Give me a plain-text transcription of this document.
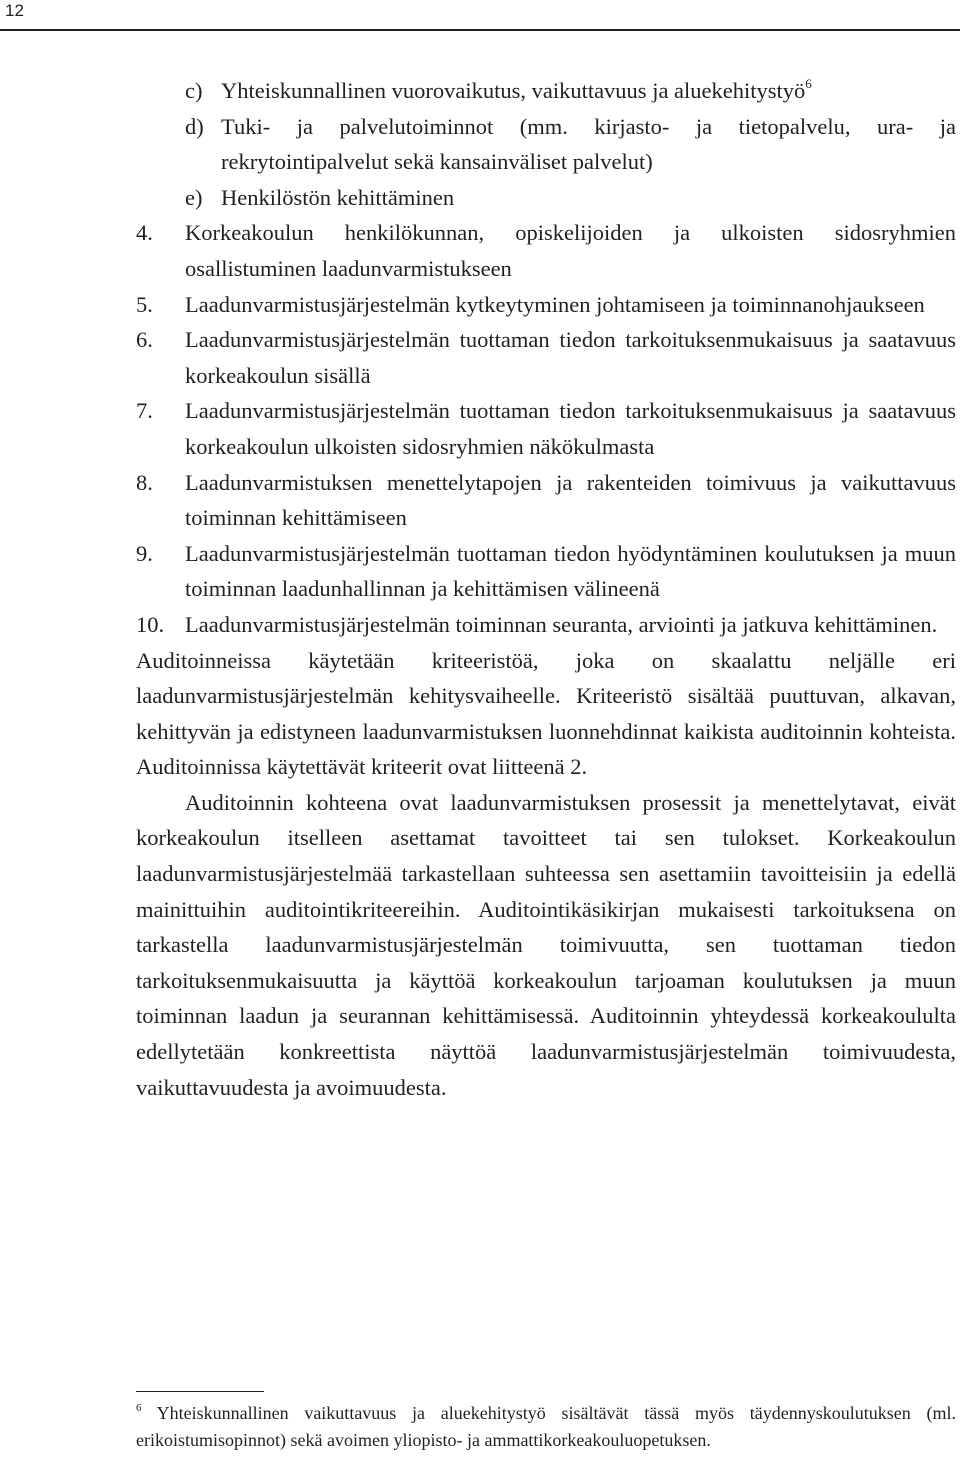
12
c) Yhteiskunnallinen vuorovaikutus, vaikuttavuus ja aluekehitystyö$^6$
d) Tuki- ja palvelutoiminnot (mm. kirjasto- ja tietopalvelu, ura- ja rekrytointipalvelut sekä kansainväliset palvelut)
e) Henkilöstön kehittäminen
4. Korkeakoulun henkilökunnan, opiskelijoiden ja ulkoisten sidosryhmien osallistuminen laadunvarmistukseen
5. Laadunvarmistusjärjestelmän kytkeytyminen johtamiseen ja toiminnanohjaukseen
6. Laadunvarmistusjärjestelmän tuottaman tiedon tarkoituksenmukaisuus ja saatavuus korkeakoulun sisällä
7. Laadunvarmistusjärjestelmän tuottaman tiedon tarkoituksenmukaisuus ja saatavuus korkeakoulun ulkoisten sidosryhmien näkökulmasta
8. Laadunvarmistuksen menettelytapojen ja rakenteiden toimivuus ja vaikuttavuus toiminnan kehittämiseen
9. Laadunvarmistusjärjestelmän tuottaman tiedon hyödyntäminen koulutuksen ja muun toiminnan laadunhallinnan ja kehittämisen välineenä
10. Laadunvarmistusjärjestelmän toiminnan seuranta, arviointi ja jatkuva kehittäminen.

Auditoinneissa käytetään kriteeristöä, joka on skaalattu neljälle eri laadunvarmistusjärjestelmän kehitysvaiheelle. Kriteeristö sisältää puuttuvan, alkavan, kehittyvän ja edistyneen laadunvarmistuksen luonnehdinnat kaikista auditoinnin kohteista. Auditoinnissa käytettävät kriteerit ovat liitteenä 2.

Auditoinnin kohteena ovat laadunvarmistuksen prosessit ja menettelytavat, eivät korkeakoulun itselleen asettamat tavoitteet tai sen tulokset. Korkeakoulun laadunvarmistusjärjestelmää tarkastellaan suhteessa sen asettamiin tavoitteisiin ja edellä mainittuihin auditointikriteereihin. Auditointikäsikirjan mukaisesti tarkoituksena on tarkastella laadunvarmistusjärjestelmän toimivuutta, sen tuottaman tiedon tarkoituksenmukaisuutta ja käyttöä korkeakoulun tarjoaman koulutuksen ja muun toiminnan laadun ja seurannan kehittämisessä. Auditoinnin yhteydessä korkeakoululta edellytetään konkreettista näyttöä laadunvarmistusjärjestelmän toimivuudesta, vaikuttavuudesta ja avoimuudesta.

$^6$ Yhteiskunnallinen vaikuttavuus ja aluekehitystyö sisältävät tässä myös täydennyskoulutuksen (ml. erikoistumisopinnot) sekä avoimen yliopisto- ja ammattikorkeakouluopetuksen.
